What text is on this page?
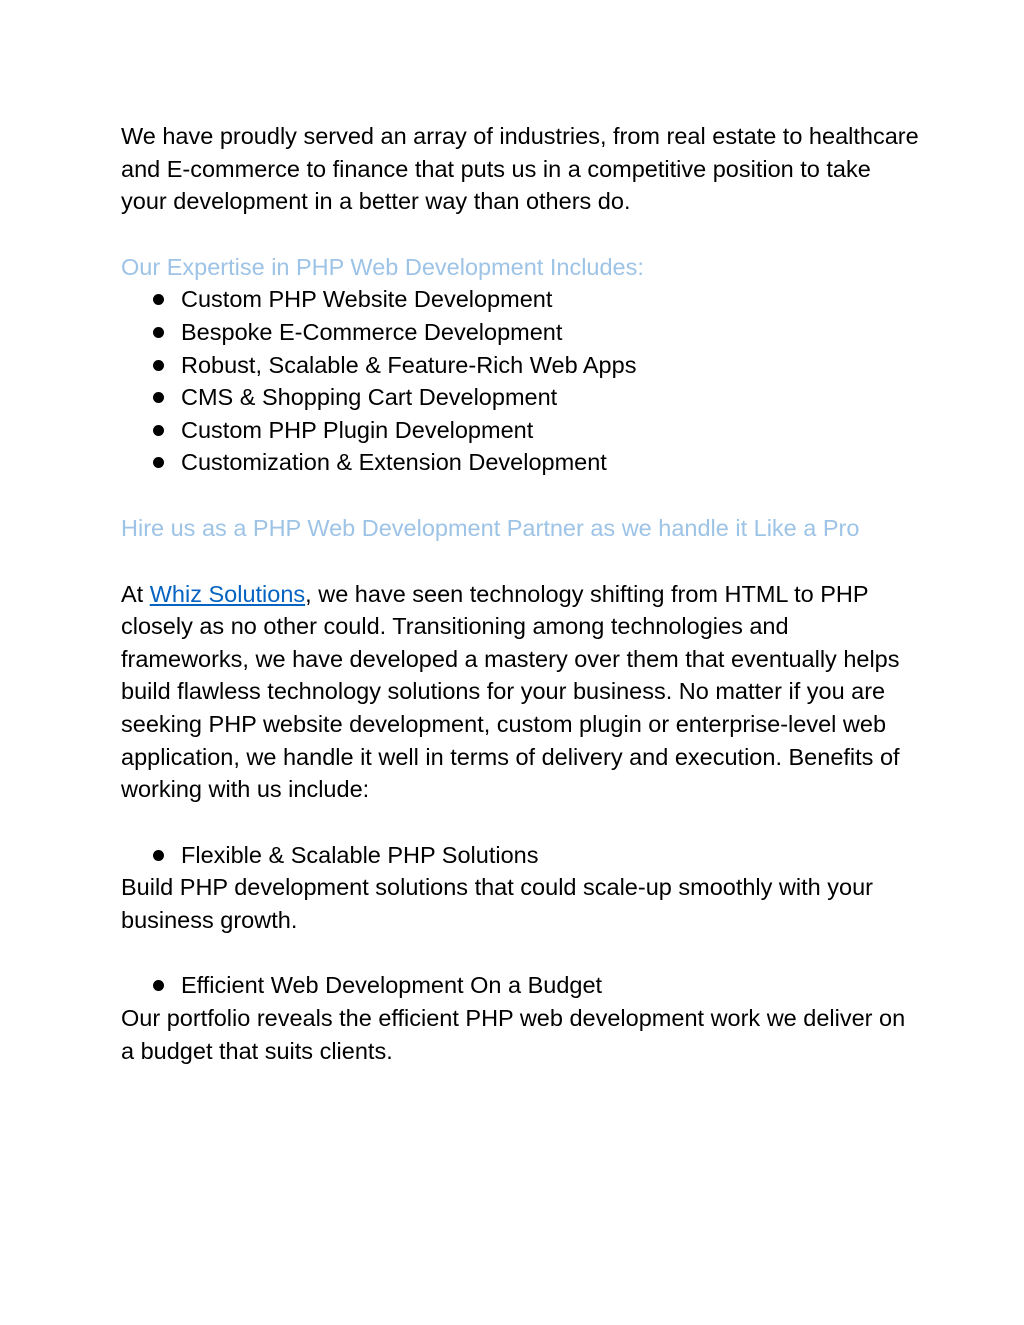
We have proudly served an array of industries, from real estate to healthcare and E-commerce to finance that puts us in a competitive position to take your development in a better way than others do.

Our Expertise in PHP Web Development Includes:

Custom PHP Website Development
Bespoke E-Commerce Development
Robust, Scalable & Feature-Rich Web Apps
CMS & Shopping Cart Development
Custom PHP Plugin Development
Customization & Extension Development

Hire us as a PHP Web Development Partner as we handle it Like a Pro

At Whiz Solutions, we have seen technology shifting from HTML to PHP closely as no other could. Transitioning among technologies and frameworks, we have developed a mastery over them that eventually helps build flawless technology solutions for your business. No matter if you are seeking PHP website development, custom plugin or enterprise-level web application, we handle it well in terms of delivery and execution. Benefits of working with us include:

Flexible & Scalable PHP Solutions

Build PHP development solutions that could scale-up smoothly with your business growth.

Efficient Web Development On a Budget

Our portfolio reveals the efficient PHP web development work we deliver on a budget that suits clients.
